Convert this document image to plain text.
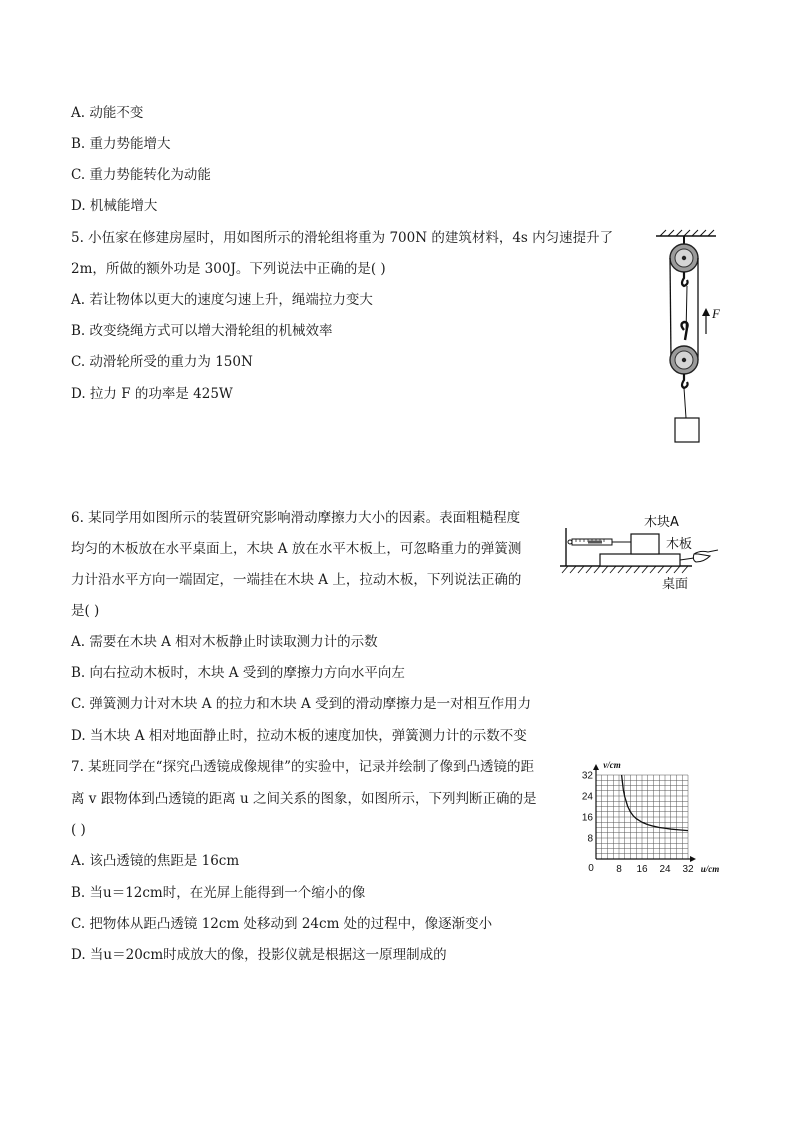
A. 动能不变
B. 重力势能增大
C. 重力势能转化为动能
D. 机械能增大
5. 小伍家在修建房屋时，用如图所示的滑轮组将重为 700N 的建筑材料，4s 内匀速提升了
2m，所做的额外功是 300J。下列说法中正确的是( )
A. 若让物体以更大的速度匀速上升，绳端拉力变大
B. 改变绕绳方式可以增大滑轮组的机械效率
C. 动滑轮所受的重力为 150N
D. 拉力 F 的功率是 425W
F
6. 某同学用如图所示的装置研究影响滑动摩擦力大小的因素。表面粗糙程度
均匀的木板放在水平桌面上，木块 A 放在水平木板上，可忽略重力的弹簧测
力计沿水平方向一端固定，一端挂在木块 A 上，拉动木板，下列说法正确的
是( )
A. 需要在木块 A 相对木板静止时读取测力计的示数
B. 向右拉动木板时，木块 A 受到的摩擦力方向水平向左
C. 弹簧测力计对木块 A 的拉力和木块 A 受到的滑动摩擦力是一对相互作用力
D. 当木块 A 相对地面静止时，拉动木板的速度加快，弹簧测力计的示数不变
木块A
木板
桌面
7. 某班同学在“探究凸透镜成像规律”的实验中，记录并绘制了像到凸透镜的距
离 v 跟物体到凸透镜的距离 u 之间关系的图象，如图所示，下列判断正确的是
( )
A. 该凸透镜的焦距是 16cm
B. 当u＝12cm时，在光屏上能得到一个缩小的像
C. 把物体从距凸透镜 12cm 处移动到 24cm 处的过程中，像逐渐变小
D. 当u＝20cm时成放大的像，投影仪就是根据这一原理制成的
8 16 24 32
8
16
24
32
0	u/cm
v/cm
